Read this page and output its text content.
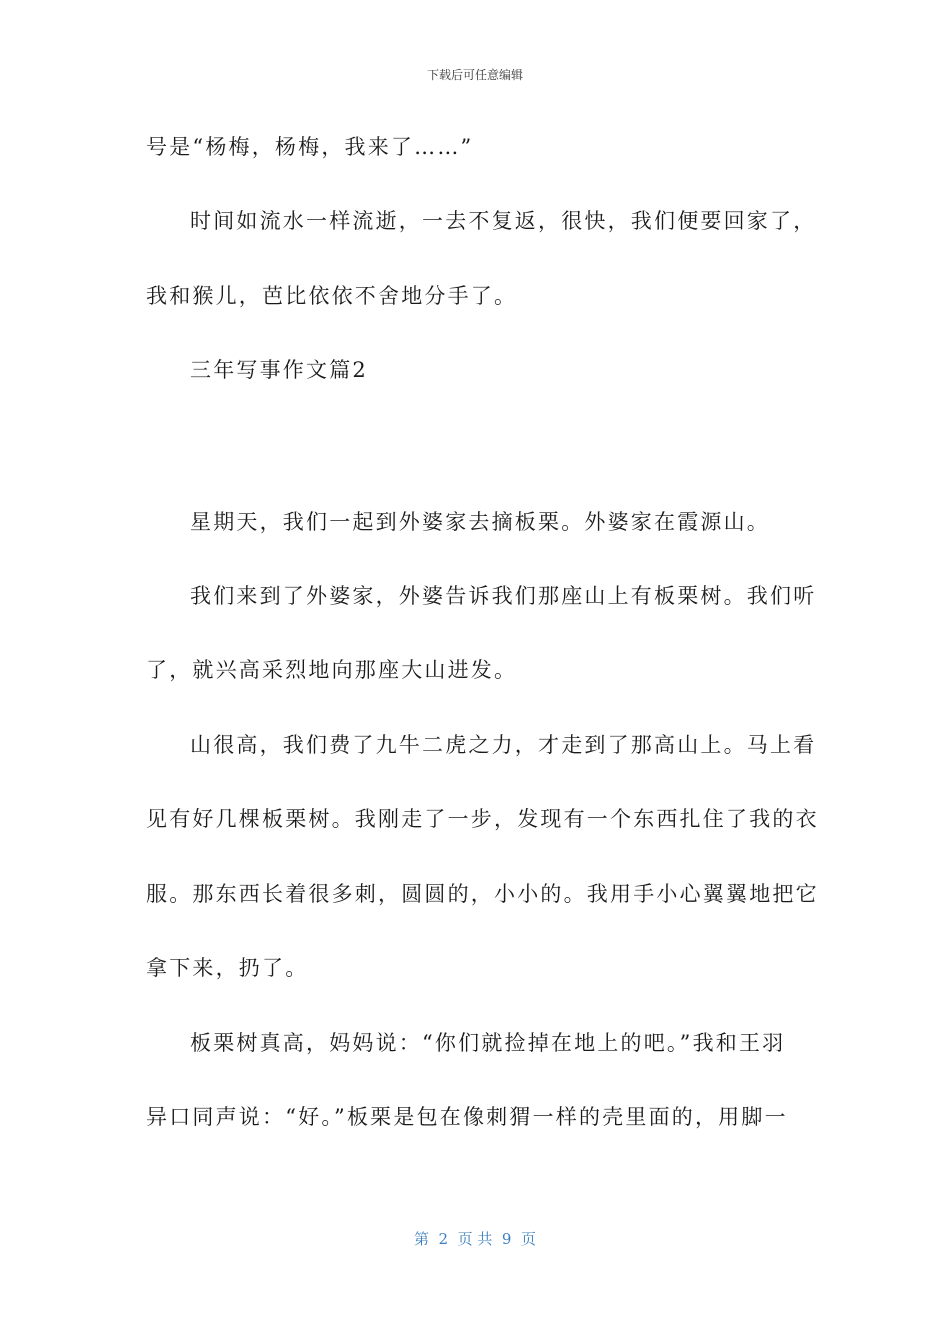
下载后可任意编辑
号是“杨梅，杨梅，我来了……”
时间如流水一样流逝，一去不复返，很快，我们便要回家了，
我和猴儿，芭比依依不舍地分手了。
三年写事作文篇2
星期天，我们一起到外婆家去摘板栗。外婆家在霞源山。
我们来到了外婆家，外婆告诉我们那座山上有板栗树。我们听
了，就兴高采烈地向那座大山进发。
山很高，我们费了九牛二虎之力，才走到了那高山上。马上看
见有好几棵板栗树。我刚走了一步，发现有一个东西扎住了我的衣
服。那东西长着很多刺，圆圆的，小小的。我用手小心翼翼地把它
拿下来，扔了。
板栗树真高，妈妈说：“你们就捡掉在地上的吧。”我和王羽
异口同声说：“好。”板栗是包在像刺猬一样的壳里面的，用脚一
第  2  页 共  9  页
